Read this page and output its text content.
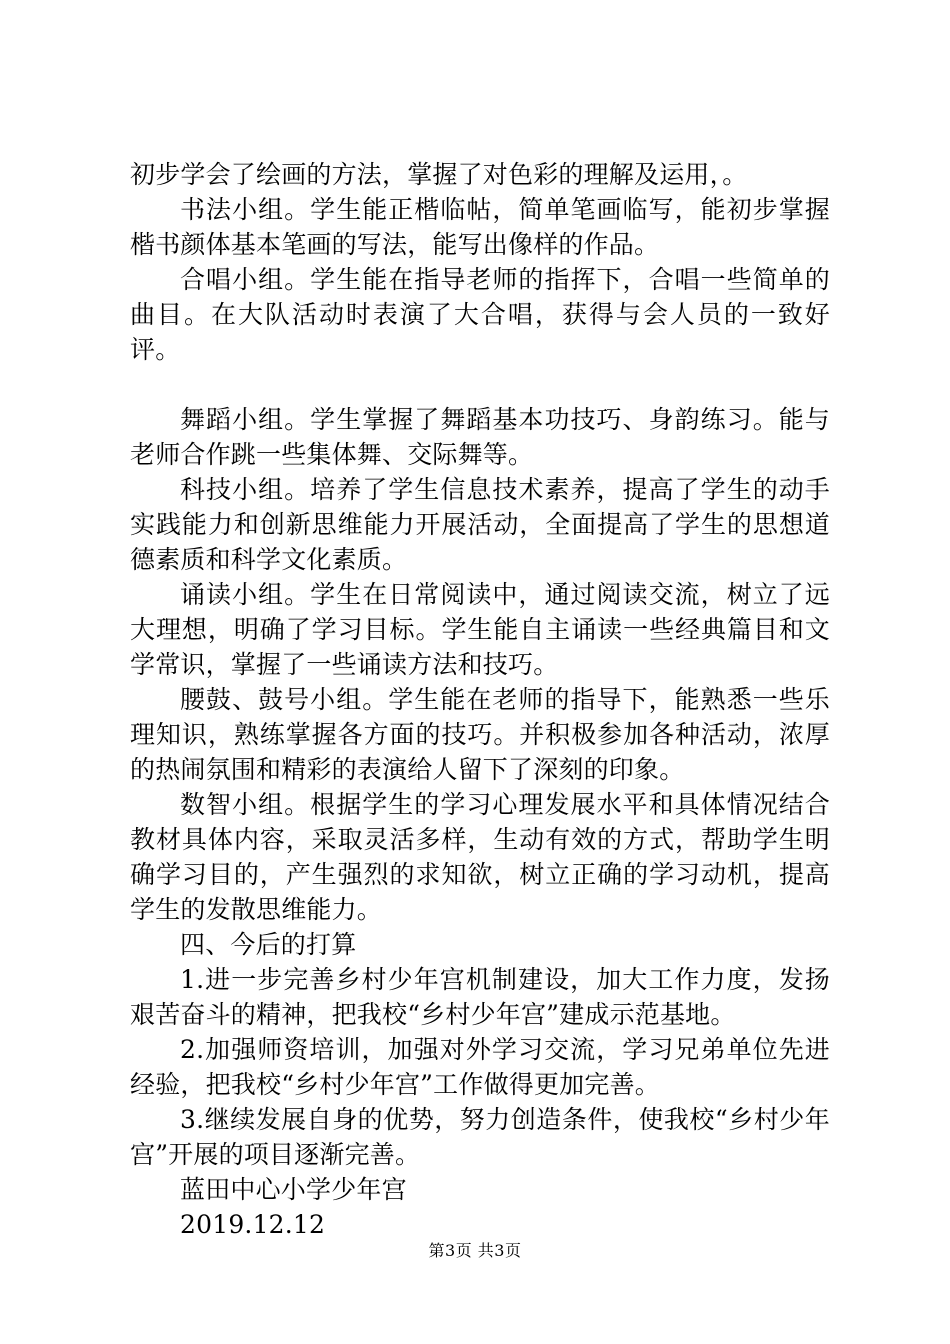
初步学会了绘画的方法，掌握了对色彩的理解及运用，。

书法小组。学生能正楷临帖，简单笔画临写，能初步掌握楷书颜体基本笔画的写法，能写出像样的作品。

合唱小组。学生能在指导老师的指挥下，合唱一些简单的曲目。在大队活动时表演了大合唱，获得与会人员的一致好评。

舞蹈小组。学生掌握了舞蹈基本功技巧、身韵练习。能与老师合作跳一些集体舞、交际舞等。

科技小组。培养了学生信息技术素养，提高了学生的动手实践能力和创新思维能力开展活动，全面提高了学生的思想道德素质和科学文化素质。

诵读小组。学生在日常阅读中，通过阅读交流，树立了远大理想，明确了学习目标。学生能自主诵读一些经典篇目和文学常识，掌握了一些诵读方法和技巧。

腰鼓、鼓号小组。学生能在老师的指导下，能熟悉一些乐理知识，熟练掌握各方面的技巧。并积极参加各种活动，浓厚的热闹氛围和精彩的表演给人留下了深刻的印象。

数智小组。根据学生的学习心理发展水平和具体情况结合教材具体内容，采取灵活多样，生动有效的方式，帮助学生明确学习目的，产生强烈的求知欲，树立正确的学习动机，提高学生的发散思维能力。

四、今后的打算

1.进一步完善乡村少年宫机制建设，加大工作力度，发扬艰苦奋斗的精神，把我校“乡村少年宫”建成示范基地。

2.加强师资培训，加强对外学习交流，学习兄弟单位先进经验，把我校“乡村少年宫”工作做得更加完善。

3.继续发展自身的优势，努力创造条件，使我校“乡村少年宫”开展的项目逐渐完善。

蓝田中心小学少年宫

2019.12.12

第3页 共3页
